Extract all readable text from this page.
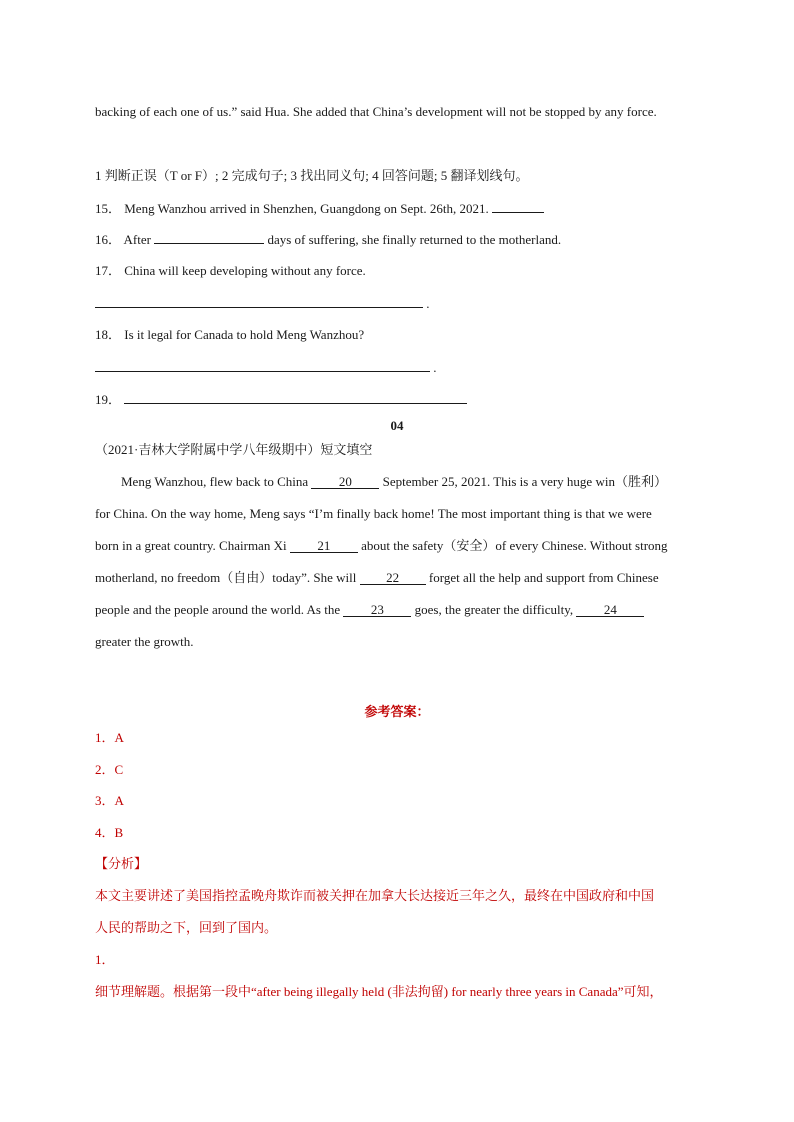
backing of each one of us.” said Hua. She added that China’s development will not be stopped by any force.
1 判断正误（T or F）; 2 完成句子; 3 找出同义句; 4 回答问题; 5 翻译划线句。
15． Meng Wanzhou arrived in Shenzhen, Guangdong on Sept. 26th, 2021.
16． After	days of suffering, she finally returned to the motherland.
17． China will keep developing without any force.
.
18． Is it legal for Canada to hold Meng Wanzhou?
.
19．
04
（2021·吉林大学附属中学八年级期中）短文填空
Meng Wanzhou, flew back to China 20 September 25, 2021. This is a very huge win（胜利）
for China. On the way home, Meng says “I’m finally back home! The most important thing is that we were
born in a great country. Chairman Xi 21 about the safety（安全）of every Chinese. Without strong
motherland, no freedom（自由）today”. She will 22 forget all the help and support from Chinese
people and the people around the world. As the 23 goes, the greater the difficulty, 24
greater the growth.
参考答案：
1．A
2．C
3．A
4．B
【分析】
本文主要讲述了美国指控孟晚舟欺诈而被关押在加拿大长达接近三年之久，最终在中国政府和中国
人民的帮助之下，回到了国内。
1．
细节理解题。根据第一段中“after being illegally held (非法拘留) for nearly three years in Canada”可知，
